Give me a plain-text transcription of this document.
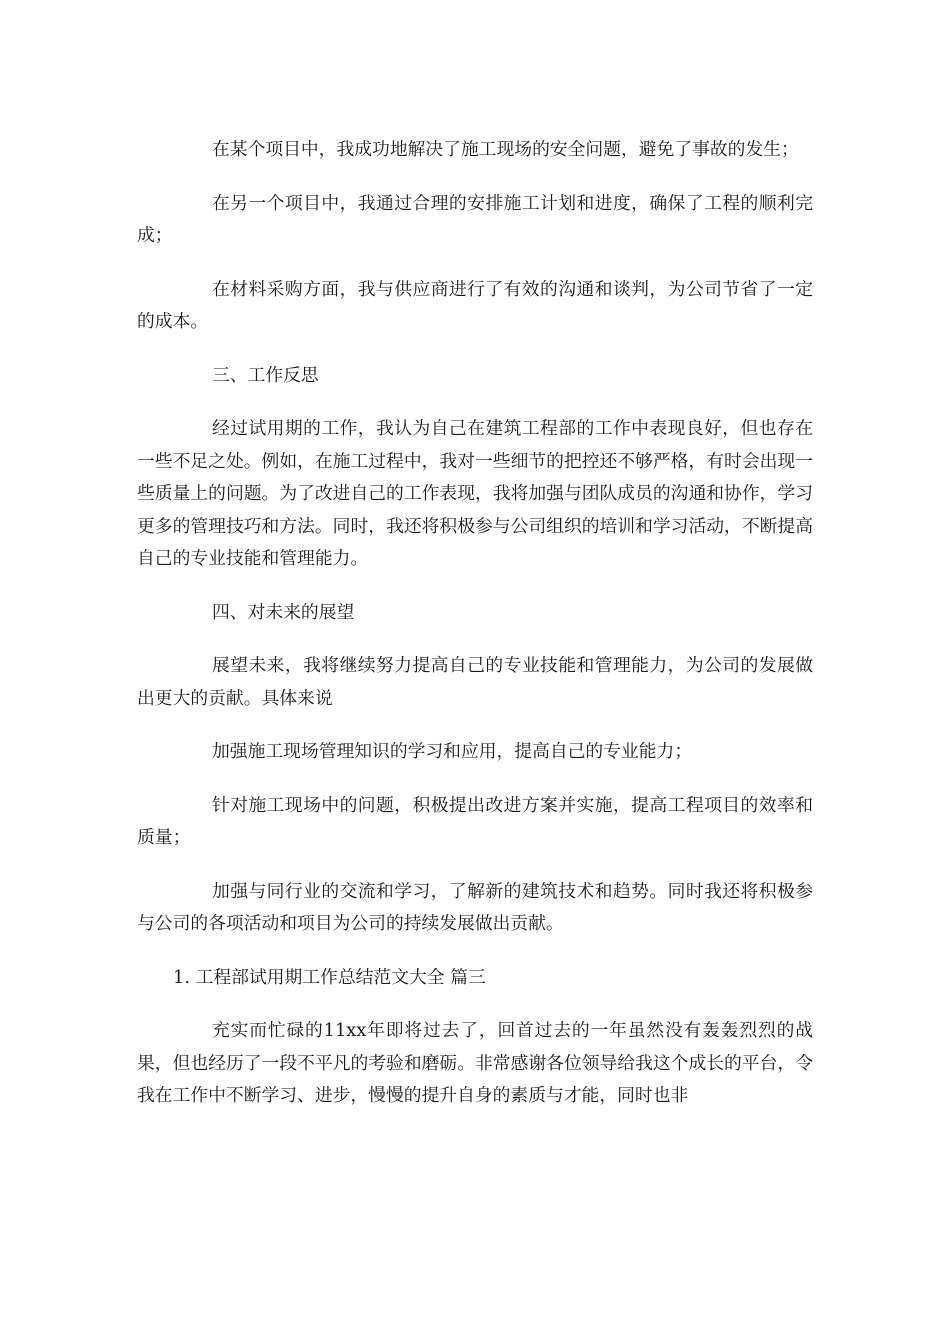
在某个项目中，我成功地解决了施工现场的安全问题，避免了事故的发生；

在另一个项目中，我通过合理的安排施工计划和进度，确保了工程的顺利完成；

在材料采购方面，我与供应商进行了有效的沟通和谈判，为公司节省了一定的成本。

三、工作反思

经过试用期的工作，我认为自己在建筑工程部的工作中表现良好，但也存在一些不足之处。例如，在施工过程中，我对一些细节的把控还不够严格，有时会出现一些质量上的问题。为了改进自己的工作表现，我将加强与团队成员的沟通和协作，学习更多的管理技巧和方法。同时，我还将积极参与公司组织的培训和学习活动，不断提高自己的专业技能和管理能力。

四、对未来的展望

展望未来，我将继续努力提高自己的专业技能和管理能力，为公司的发展做出更大的贡献。具体来说

加强施工现场管理知识的学习和应用，提高自己的专业能力；

针对施工现场中的问题，积极提出改进方案并实施，提高工程项目的效率和质量；

加强与同行业的交流和学习，了解新的建筑技术和趋势。同时我还将积极参与公司的各项活动和项目为公司的持续发展做出贡献。

1. 工程部试用期工作总结范文大全 篇三

充实而忙碌的11xx年即将过去了，回首过去的一年虽然没有轰轰烈烈的战果，但也经历了一段不平凡的考验和磨砺。非常感谢各位领导给我这个成长的平台，令我在工作中不断学习、进步，慢慢的提升自身的素质与才能，同时也非
